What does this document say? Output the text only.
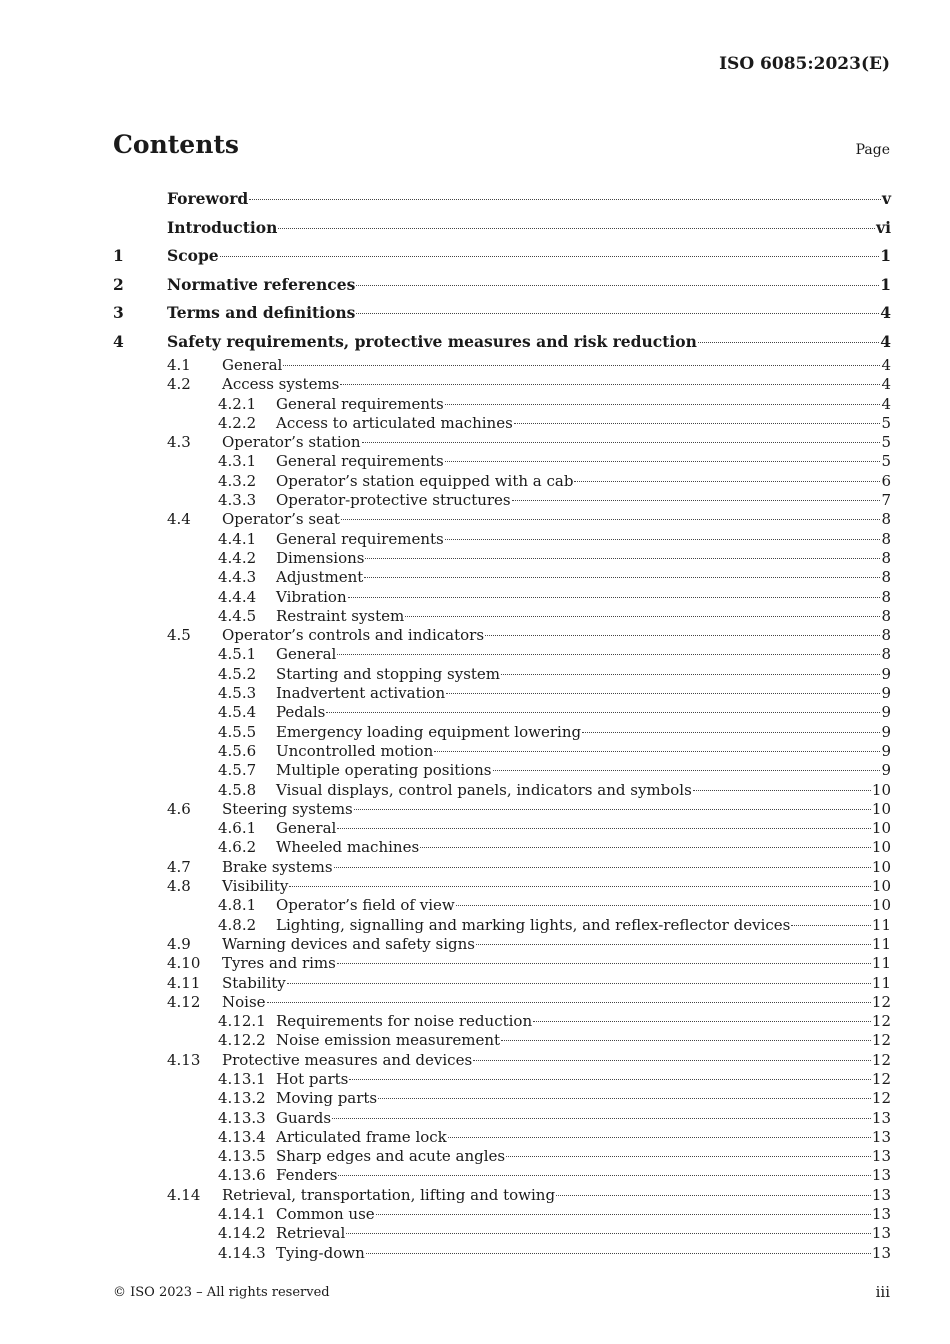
ISO 6085:2023(E)
Contents	Page
Foreword	v
Introduction	vi
1	Scope	1
2	Normative references	1
3	Terms and definitions	4
4	Safety requirements, protective measures and risk reduction	4
4.1	General	4
4.2	Access systems	4
4.2.1	General requirements	4
4.2.2	Access to articulated machines	5
4.3	Operator’s station	5
4.3.1	General requirements	5
4.3.2	Operator’s station equipped with a cab	6
4.3.3	Operator-protective structures	7
4.4	Operator’s seat	8
4.4.1	General requirements	8
4.4.2	Dimensions	8
4.4.3	Adjustment	8
4.4.4	Vibration	8
4.4.5	Restraint system	8
4.5	Operator’s controls and indicators	8
4.5.1	General	8
4.5.2	Starting and stopping system	9
4.5.3	Inadvertent activation	9
4.5.4	Pedals	9
4.5.5	Emergency loading equipment lowering	9
4.5.6	Uncontrolled motion	9
4.5.7	Multiple operating positions	9
4.5.8	Visual displays, control panels, indicators and symbols	10
4.6	Steering systems	10
4.6.1	General	10
4.6.2	Wheeled machines	10
4.7	Brake systems	10
4.8	Visibility	10
4.8.1	Operator’s field of view	10
4.8.2	Lighting, signalling and marking lights, and reflex-reflector devices	11
4.9	Warning devices and safety signs	11
4.10	Tyres and rims	11
4.11	Stability	11
4.12	Noise	12
4.12.1 Requirements for noise reduction	12
4.12.2 Noise emission measurement	12
4.13	Protective measures and devices	12
4.13.1 Hot parts	12
4.13.2 Moving parts	12
4.13.3 Guards	13
4.13.4 Articulated frame lock	13
4.13.5 Sharp edges and acute angles	13
4.13.6 Fenders	13
4.14	Retrieval, transportation, lifting and towing	13
4.14.1 Common use	13
4.14.2 Retrieval	13
4.14.3 Tying-down	13
© ISO 2023 – All rights reserved	iii
